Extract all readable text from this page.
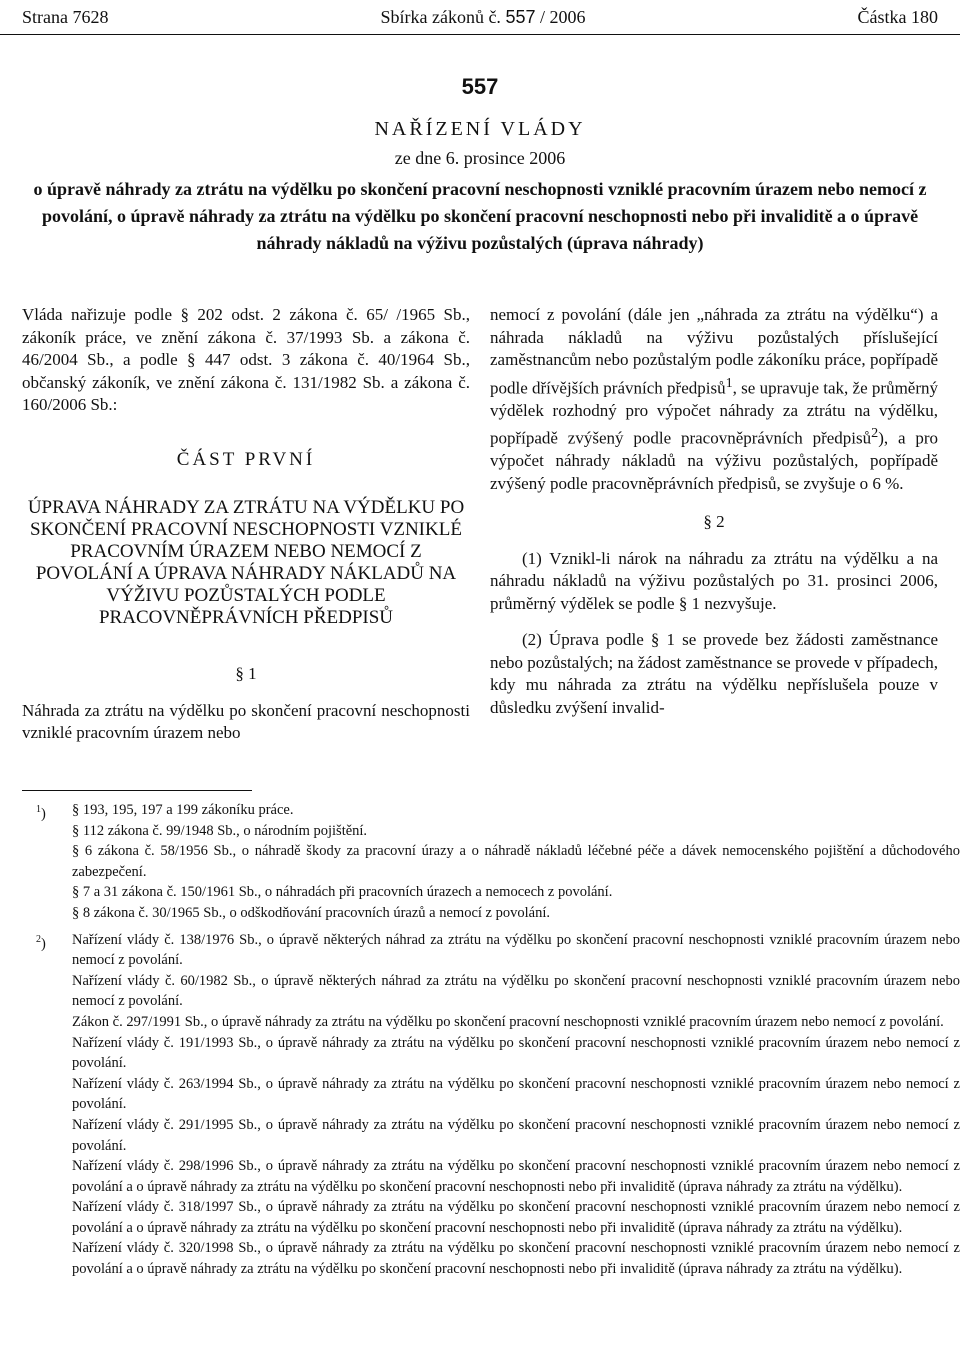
Strana 7628	Sbírka zákonů č. 557 / 2006	Částka 180
557
NAŘÍZENÍ VLÁDY
ze dne 6. prosince 2006
o úpravě náhrady za ztrátu na výdělku po skončení pracovní neschopnosti vzniklé pracovním úrazem nebo nemocí z povolání, o úpravě náhrady za ztrátu na výdělku po skončení pracovní neschopnosti nebo při invaliditě a o úpravě náhrady nákladů na výživu pozůstalých (úprava náhrady)

Vláda nařizuje podle § 202 odst. 2 zákona č. 65/ /1965 Sb., zákoník práce, ve znění zákona č. 37/1993 Sb. a zákona č. 46/2004 Sb., a podle § 447 odst. 3 zákona č. 40/1964 Sb., občanský zákoník, ve znění zákona č. 131/1982 Sb. a zákona č. 160/2006 Sb.:

ČÁST PRVNÍ
ÚPRAVA NÁHRADY ZA ZTRÁTU NA VÝDĚLKU PO SKONČENÍ PRACOVNÍ NESCHOPNOSTI VZNIKLÉ PRACOVNÍM ÚRAZEM NEBO NEMOCÍ Z POVOLÁNÍ A ÚPRAVA NÁHRADY NÁKLADŮ NA VÝŽIVU POZŮSTALÝCH PODLE PRACOVNĚPRÁVNÍCH PŘEDPISŮ
§ 1

Náhrada za ztrátu na výdělku po skončení pracovní neschopnosti vzniklé pracovním úrazem nebo

nemocí z povolání (dále jen „náhrada za ztrátu na výdělku“) a náhrada nákladů na výživu pozůstalých příslušející zaměstnancům nebo pozůstalým podle zákoníku práce, popřípadě podle dřívějších právních předpisů$^1$, se upravuje tak, že průměrný výdělek rozhodný pro výpočet náhrady za ztrátu na výdělku, popřípadě zvýšený podle pracovněprávních předpisů$^2$), a pro výpočet náhrady nákladů na výživu pozůstalých, popřípadě zvýšený podle pracovněprávních předpisů, se zvyšuje o 6 %.

§ 2

(1) Vznikl-li nárok na náhradu za ztrátu na výdělku a na náhradu nákladů na výživu pozůstalých po 31. prosinci 2006, průměrný výdělek se podle § 1 nezvyšuje.

(2) Úprava podle § 1 se provede bez žádosti zaměstnance nebo pozůstalých; na žádost zaměstnance se provede v případech, kdy mu náhrada za ztrátu na výdělku nepříslušela pouze v důsledku zvýšení invalid-

$^1$) § 193, 195, 197 a 199 zákoníku práce.
§ 112 zákona č. 99/1948 Sb., o národním pojištění.
§ 6 zákona č. 58/1956 Sb., o náhradě škody za pracovní úrazy a o náhradě nákladů léčebné péče a dávek nemocenského pojištění a důchodového zabezpečení.
§ 7 a 31 zákona č. 150/1961 Sb., o náhradách při pracovních úrazech a nemocech z povolání.
§ 8 zákona č. 30/1965 Sb., o odškodňování pracovních úrazů a nemocí z povolání.
$^2$) Nařízení vlády č. 138/1976 Sb., o úpravě některých náhrad za ztrátu na výdělku po skončení pracovní neschopnosti vzniklé pracovním úrazem nebo nemocí z povolání.
Nařízení vlády č. 60/1982 Sb., o úpravě některých náhrad za ztrátu na výdělku po skončení pracovní neschopnosti vzniklé pracovním úrazem nebo nemocí z povolání.
Zákon č. 297/1991 Sb., o úpravě náhrady za ztrátu na výdělku po skončení pracovní neschopnosti vzniklé pracovním úrazem nebo nemocí z povolání.
Nařízení vlády č. 191/1993 Sb., o úpravě náhrady za ztrátu na výdělku po skončení pracovní neschopnosti vzniklé pracovním úrazem nebo nemocí z povolání.
Nařízení vlády č. 263/1994 Sb., o úpravě náhrady za ztrátu na výdělku po skončení pracovní neschopnosti vzniklé pracovním úrazem nebo nemocí z povolání.
Nařízení vlády č. 291/1995 Sb., o úpravě náhrady za ztrátu na výdělku po skončení pracovní neschopnosti vzniklé pracovním úrazem nebo nemocí z povolání.
Nařízení vlády č. 298/1996 Sb., o úpravě náhrady za ztrátu na výdělku po skončení pracovní neschopnosti vzniklé pracovním úrazem nebo nemocí z povolání a o úpravě náhrady za ztrátu na výdělku po skončení pracovní neschopnosti nebo při invaliditě (úprava náhrady za ztrátu na výdělku).
Nařízení vlády č. 318/1997 Sb., o úpravě náhrady za ztrátu na výdělku po skončení pracovní neschopnosti vzniklé pracovním úrazem nebo nemocí z povolání a o úpravě náhrady za ztrátu na výdělku po skončení pracovní neschopnosti nebo při invaliditě (úprava náhrady za ztrátu na výdělku).
Nařízení vlády č. 320/1998 Sb., o úpravě náhrady za ztrátu na výdělku po skončení pracovní neschopnosti vzniklé pracovním úrazem nebo nemocí z povolání a o úpravě náhrady za ztrátu na výdělku po skončení pracovní neschopnosti nebo při invaliditě (úprava náhrady za ztrátu na výdělku).
